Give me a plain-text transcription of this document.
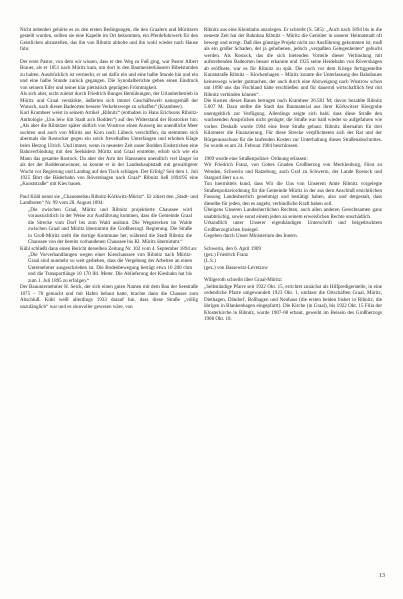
Nicht nebenbei gehörte es zu den ersten Bedingungen, die den Graalern und Müritzern gestellt wurden, sollten sie eine Kapelle im Ort bekommen, ein Pferdefuhrwerk für den Geistlichen abzustellen, das ihn von Ribnitz abholte und ihn wohl wieder nach Hause fuhr.

Der erste Pastor, von dem wir wissen, dass er den Weg zu Fuß ging, war Pastor Albert Brauer, als er 1851 nach Müritz kam, um dort in den Baumeisterhäusern Bibelstunden zu halten. Ausdrücklich ist vermerkt, er sei dafür ein und eine halbe Stunde hin und ein und eine halbe Stunde zurück gegangen. Die Synodalberichte geben einen Eindruck von seinem Eifer und seiner klar pietistisch geprägten Frömmigkeit.

Als sich aber, nicht zuletzt durch Friedrich Bunges Bemühungen, der Urlauberbetrieb in Müritz und Graal verstärkte, äußerten sich immer Geschäftswelt naturgemäß der Wunsch, nach diesen Badeorten bessere Verkehrswege zu schaffen“ (Krambeer).

Karl Krambeer weist in seinem Artikel „Ribnitz“ (enthalten in Hans Erichsons Ribnitz-Anthologie „Uns leiw lütt Stadt an'n Bodden“) auf den Widerstand der Rostocker hin: „Als aber die Ribnitzer später südlich von Wustrow einen Ausweg ins unendliche Meer suchten und auch von Müritz aus Korn nach Lübeck verschiffen, da stemmten sich abermals die Rostocker gegen ein solch frevelhaftes Unterfangen und erhoben Klage beim Herzog Ulrich. Und immer, wenn in neuester Zeit unser Bodden Eisdstrichen eine Bahnverbindung mit den Seebädern Müritz und Graal erstrebte, erhob sich wie ein Mann das gesamte Rostock. Da aber der Arm der Hanseaten unendlich viel länger ist als der der Boddenanwinner, so konnte er in der Landeshauptstadt mit gewaltigerer Wucht vor Regierung und Landtag auf den Tisch schlagen. Der Erfolg? Seit dem 1. Juli 1925 fährt die Bäderbahn von Rövershagen nach Graal“ Ribnitz ließ 1894/95 eine „Kunststraße“ mit Kies bauen.

Paul Kühl nennt sie „Chausseebau Ribnitz-Körkwitz-Müritz“. Er zitiert den „Stadt- und Landboten“ Nr. 99 vom 28. August 1894:

„Die zwischen Graal, Müritz und Ribnitz projektierte Chaussee wird voraussichtlich in der Weise zur Ausführung kommen, dass die Gemeinde Graal die Strecke vom Dorf bis zum Wald ausbaut. Die Wegstrecken im Walde zwischen Graal und Müritz übernimmt die Großherzogl. Regierung. Die Straße in Groß-Müritz stellt die dortige Kommune her, während die Stadt Ribnitz die Chaussee von der bereits vorhandenen Chaussee bis Kl. Müritz übernimmt.“

Kühl schließt dann einen Bericht derselben Zeitung Nr. 102 vom 4. September 1894 an:

„Die Vorverhandlungen wegen einer Kieschaussee von Ribnitz nach Müritz-Graal sind nunmehr so weit gediehen, dass die Vergebung der Arbeiten an einen Unternehmer ausgeschrieben ist. Die Bodenbewegung beträgt etwa 10 200 cbm und die Transportlänge 10 170 lfd. Meter. Die Ablieferung der Kiesbahn hat bis zum 1. Juli 1895 zu erfolgen.“

Der Bauunternehmer H. Seick, der sich einen guten Namen mit dem Bau der Seestraße 1875 – 78 gemacht und mit Hafen bebaut hatte, brachte dann die Chausse zum Abschluß. Kühl weiß allerdings 1933 darauf hin, dass diese Straße „völlig unzulänglich“ war und es sinnvoller gewesen wäre, von

Ribnitz aus eine Kleinbahn anzulegen. Er schreibt (S. 585): „Auch nach 1894 bis in die neueste Zeit hat der Bahnbau Ribnitz – Müritz die Gemüter in unserer Heimatstadt oft bewegt und erregt. Daß dies günstige Projekt nicht zur Ausführung gekommen ist, muß als ein großer Schaden, der ja gehobenen, jedoch „verpaßten Gelegenheiten“ gebucht werden. Als Rostock, das die sich bietenden Vorteile dieser Verbindung mit aufstrebenden Badeorten besser erkannte und 1925 seine Heidebahn von Rövershagen ab eröffnete, war es für Ribnitz zu spät. Die noch vor dem Kriege fertiggestellte Kunststraße Ribnitz – Klockenhagen – Müritz konnte die Unterlassung des Bahnbaues keineswegs wieder gutmachen, der auch durch eine Abzweigung nach Wustrow schon um 1890 uns das Fischland hätte erschließen und für dauernd wirtschaftlich fest mit Ribnitz verbinden können“.

Die Kosten dieses Baues betrugen nach Krambeer 26.581 M; davon bezahlte Ribnitz 5.607 M. Dazu stellte die Stadt das Baumaterial aus ihrer Körkwitzer Kiesgrube unentgeltlich zur Verfügung. Allerdings zeigte sich bald, dass diese Straße den wachsenden Ansprüchen nicht genügte; die Straße war bald wieder so aufgefahren wie vorher. Deshalb wurde 1904 eine feste Straße gebaut. Ribnitz übernahm für drei Kilometer die Finanzierung. Für diese Strecke verpflichteten sich der Rat und der Bürgerausschuss für die laufenden Kosten zur Unterhaltung dieses Straßenabschnittes. So wurde es am 24. Februar 1904 beschlossen.

1909 wurde eine Straßenpolizei- Ordnung erlassen:

Wir Friedrich Franz, von Gottes Gnaden Großherzog von Mecklenburg, Fürst zu Wenden, Schwerin und Ratzeburg, auch Graf zu Schwerin, der Lande Rostock und Stargard Herr u.s.w.

Tun hiermittels kund, dass Wir die Uns von Unserem Amte Ribnitz vorgelegte Straßenpolizeiordnung für die Gemeinde Müritz in der aus dem Anschluß ersichtlichen Fassung Landesherrlich genehmigt und bestätigt haben, also und dergestalt, dass dieselbe für jeden, den es angeht, verbindliche Kraft haben soll.

Übeigens Unseren Landesherrlichen Rechten, auch allen anderen Gerechtsamen ganz unabbrüchig, sowie sonst einem jeden an seinem erweislichen Rechte unschädlich.

Urkundlich unter Unserer eigenhändigen Unterschrift und beigedrucktem Großherzoglichen Insiegel.

Gegeben durch Unser Ministerium des Innern.

Schwerin, den 6. April 1909

(gez.) Friedrich Franz

(L.S.)

(gez.) von Bassewitz-Levetzow

Willgeroth schreibt über Graal-Müritz:

„Selbständige Pfarre seit 1922 Okt. 15, errichtet zunächst als Hilfpredigerstelle, in eine ordentliche Pfarre umgewandelt 1923 Okt. 1, umfasst die Ortschaften Graal, Müritz, Diethagen, Dändorf, Bollhagen und Neuhaus (die ersten beiden bisher in Ribnitz, die übrigen in Blankenhagen eingepfarrt). Die Kirche (in Graal), bis 1922 Okt. 15 Filia der Klosterkirche in Ribnitz, wurde 1907-08 erbaut, geweiht im Beisein des Großherzogs 1908 Okt. 18.

13
